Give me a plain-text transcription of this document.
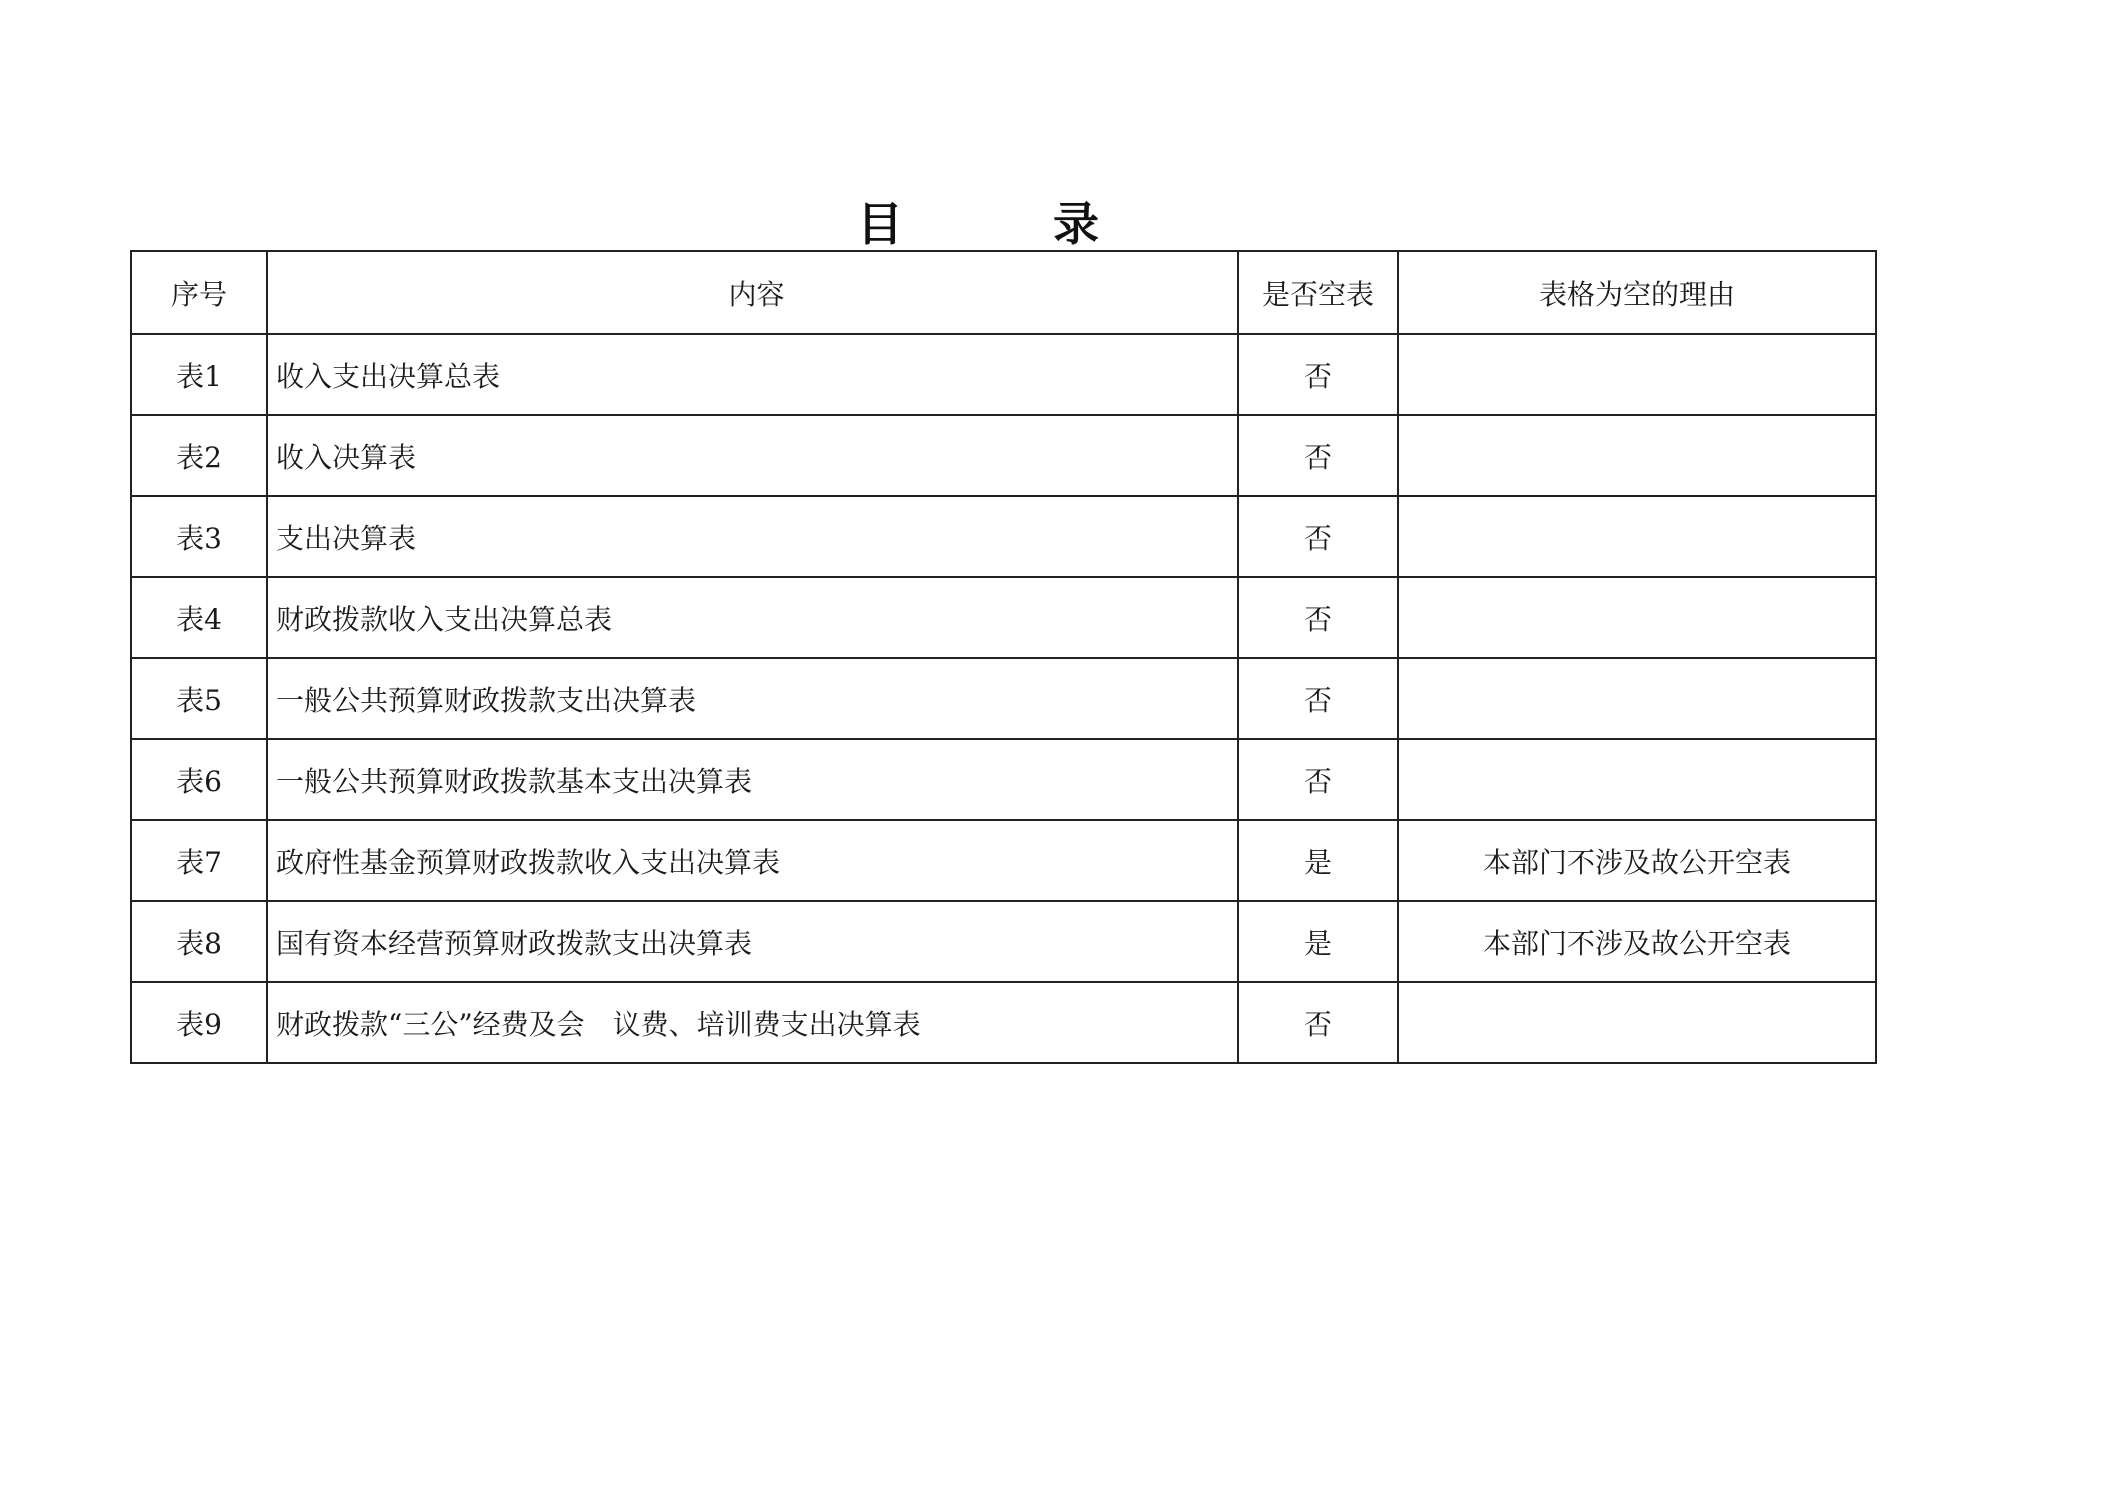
目　录
序号	内容	是否空表	表格为空的理由
表1	收入支出决算总表	否	
表2	收入决算表	否	
表3	支出决算表	否	
表4	财政拨款收入支出决算总表	否	
表5	一般公共预算财政拨款支出决算表	否	
表6	一般公共预算财政拨款基本支出决算表	否	
表7	政府性基金预算财政拨款收入支出决算表	是	本部门不涉及故公开空表
表8	国有资本经营预算财政拨款支出决算表	是	本部门不涉及故公开空表
表9	财政拨款“三公”经费及会　议费、培训费支出决算表	否	
